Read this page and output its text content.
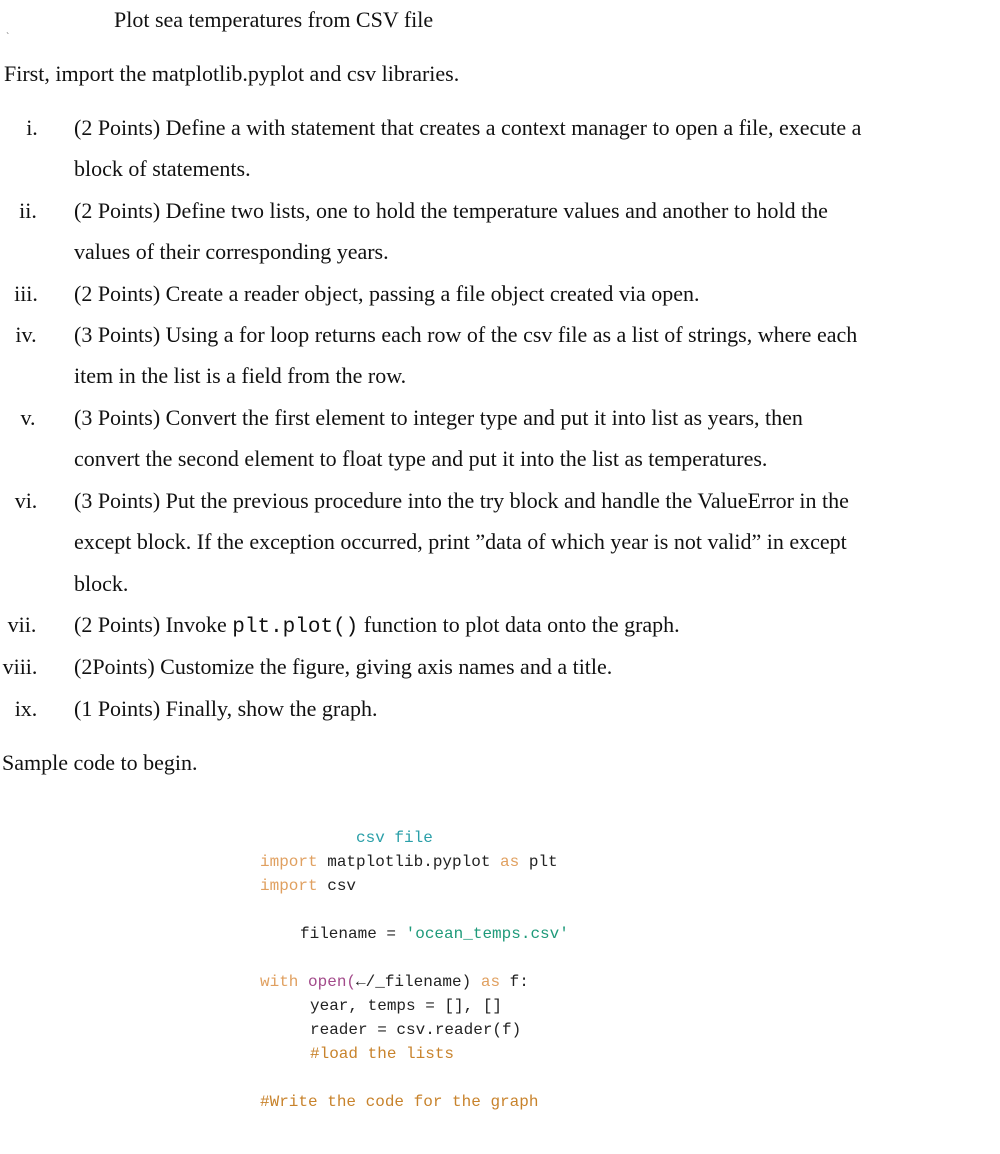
Plot sea temperatures from CSV file
`
First, import the matplotlib.pyplot and csv libraries.
i.	(2 Points) Define a with statement that creates a context manager to open a file, execute a
block of statements.
ii.	(2 Points) Define two lists, one to hold the temperature values and another to hold the
values of their corresponding years.
iii.	(2 Points) Create a reader object, passing a file object created via open.
iv.	(3 Points) Using a for loop returns each row of the csv file as a list of strings, where each
item in the list is a field from the row.
v.	(3 Points) Convert the first element to integer type and put it into list as years, then
convert the second element to float type and put it into the list as temperatures.
vi.	(3 Points) Put the previous procedure into the try block and handle the ValueError in the
except block. If the exception occurred, print ”data of which year is not valid” in except
block.
vii.	(2 Points) Invoke plt.plot() function to plot data onto the graph.
viii.	(2Points) Customize the figure, giving axis names and a title.
ix.	(1 Points) Finally, show the graph.
Sample code to begin.
csv file
import matplotlib.pyplot as plt
import csv
filename = 'ocean_temps.csv'
with open(←/_filename) as f:
year, temps = [], []
reader = csv.reader(f)
#load the lists
#Write the code for the graph
